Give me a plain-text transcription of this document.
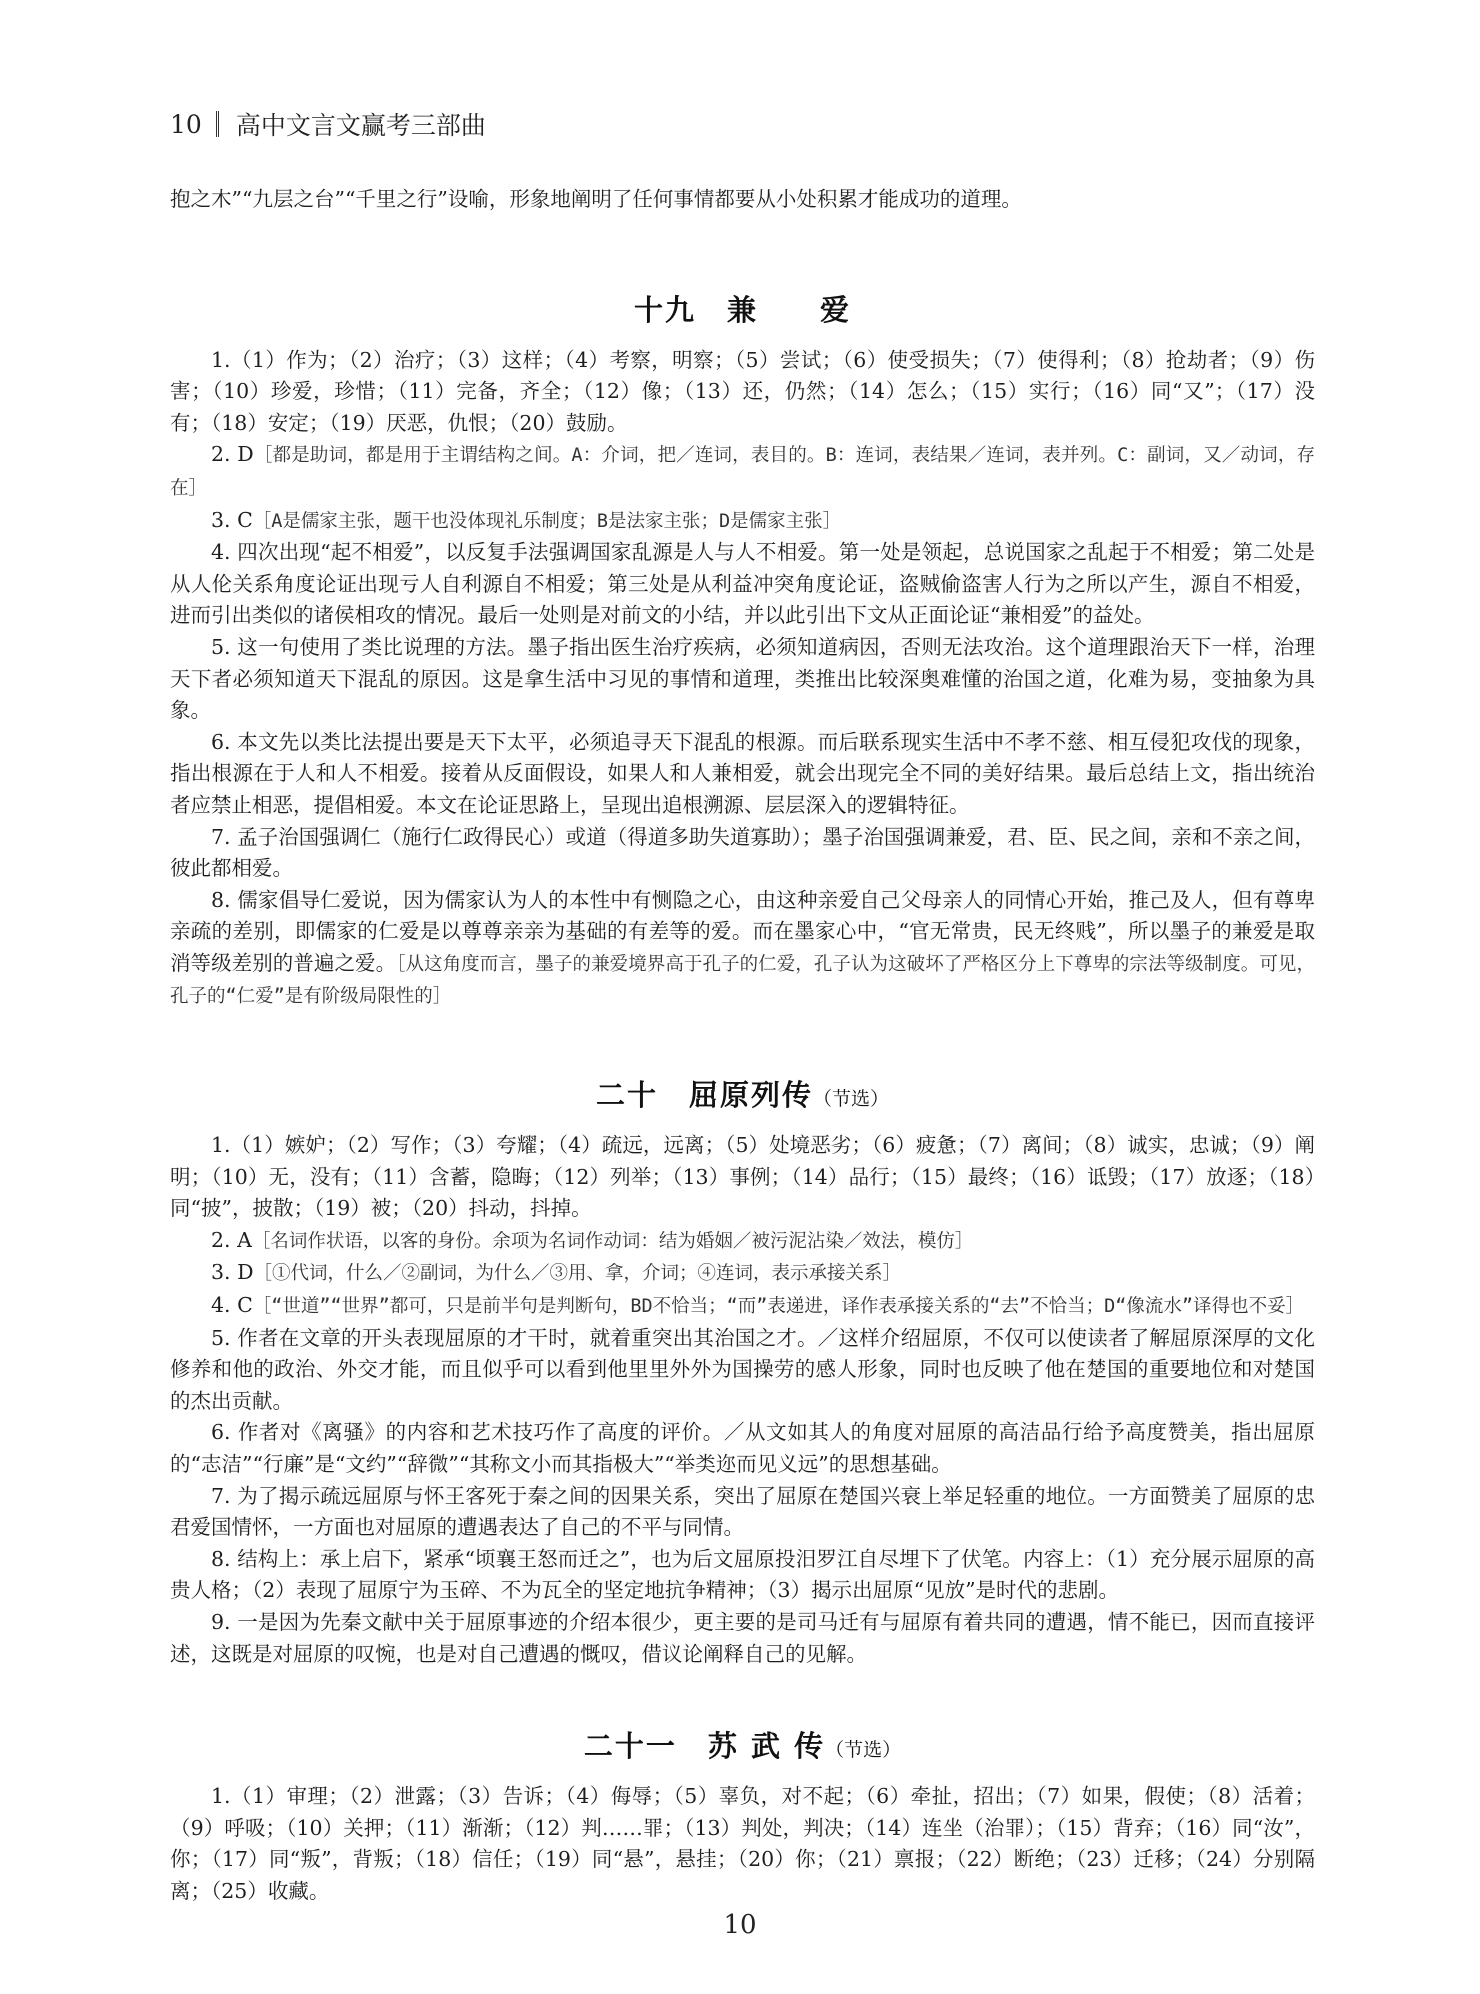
10 高中文言文赢考三部曲

抱之木”“九层之台”“千里之行”设喻，形象地阐明了任何事情都要从小处积累才能成功的道理。

十九　兼　　爱

1.（1）作为；（2）治疗；（3）这样；（4）考察，明察；（5）尝试；（6）使受损失；（7）使得利；（8）抢劫者；（9）伤害；（10）珍爱，珍惜；（11）完备，齐全；（12）像；（13）还，仍然；（14）怎么；（15）实行；（16）同“又”；（17）没有；（18）安定；（19）厌恶，仇恨；（20）鼓励。

2. D［都是助词，都是用于主谓结构之间。A：介词，把／连词，表目的。B：连词，表结果／连词，表并列。C：副词，又／动词，存在］

3. C［A是儒家主张，题干也没体现礼乐制度；B是法家主张；D是儒家主张］

4. 四次出现“起不相爱”，以反复手法强调国家乱源是人与人不相爱。第一处是领起，总说国家之乱起于不相爱；第二处是从人伦关系角度论证出现亏人自利源自不相爱；第三处是从利益冲突角度论证，盗贼偷盗害人行为之所以产生，源自不相爱，进而引出类似的诸侯相攻的情况。最后一处则是对前文的小结，并以此引出下文从正面论证“兼相爱”的益处。

5. 这一句使用了类比说理的方法。墨子指出医生治疗疾病，必须知道病因，否则无法攻治。这个道理跟治天下一样，治理天下者必须知道天下混乱的原因。这是拿生活中习见的事情和道理，类推出比较深奥难懂的治国之道，化难为易，变抽象为具象。

6. 本文先以类比法提出要是天下太平，必须追寻天下混乱的根源。而后联系现实生活中不孝不慈、相互侵犯攻伐的现象，指出根源在于人和人不相爱。接着从反面假设，如果人和人兼相爱，就会出现完全不同的美好结果。最后总结上文，指出统治者应禁止相恶，提倡相爱。本文在论证思路上，呈现出追根溯源、层层深入的逻辑特征。

7. 孟子治国强调仁（施行仁政得民心）或道（得道多助失道寡助）；墨子治国强调兼爱，君、臣、民之间，亲和不亲之间，彼此都相爱。

8. 儒家倡导仁爱说，因为儒家认为人的本性中有恻隐之心，由这种亲爱自己父母亲人的同情心开始，推己及人，但有尊卑亲疏的差别，即儒家的仁爱是以尊尊亲亲为基础的有差等的爱。而在墨家心中，“官无常贵，民无终贱”，所以墨子的兼爱是取消等级差别的普遍之爱。［从这角度而言，墨子的兼爱境界高于孔子的仁爱，孔子认为这破坏了严格区分上下尊卑的宗法等级制度。可见，孔子的“仁爱”是有阶级局限性的］

二十　屈原列传（节选）

1.（1）嫉妒；（2）写作；（3）夸耀；（4）疏远，远离；（5）处境恶劣；（6）疲惫；（7）离间；（8）诚实，忠诚；（9）阐明；（10）无，没有；（11）含蓄，隐晦；（12）列举；（13）事例；（14）品行；（15）最终；（16）诋毁；（17）放逐；（18）同“披”，披散；（19）被；（20）抖动，抖掉。

2. A［名词作状语，以客的身份。余项为名词作动词：结为婚姻／被污泥沾染／效法，模仿］

3. D［①代词，什么／②副词，为什么／③用、拿，介词；④连词，表示承接关系］

4. C［“世道”“世界”都可，只是前半句是判断句，BD不恰当；“而”表递进，译作表承接关系的“去”不恰当；D“像流水”译得也不妥］

5. 作者在文章的开头表现屈原的才干时，就着重突出其治国之才。／这样介绍屈原，不仅可以使读者了解屈原深厚的文化修养和他的政治、外交才能，而且似乎可以看到他里里外外为国操劳的感人形象，同时也反映了他在楚国的重要地位和对楚国的杰出贡献。

6. 作者对《离骚》的内容和艺术技巧作了高度的评价。／从文如其人的角度对屈原的高洁品行给予高度赞美，指出屈原的“志洁”“行廉”是“文约”“辞微”“其称文小而其指极大”“举类迩而见义远”的思想基础。

7. 为了揭示疏远屈原与怀王客死于秦之间的因果关系，突出了屈原在楚国兴衰上举足轻重的地位。一方面赞美了屈原的忠君爱国情怀，一方面也对屈原的遭遇表达了自己的不平与同情。

8. 结构上：承上启下，紧承“顷襄王怒而迁之”，也为后文屈原投汨罗江自尽埋下了伏笔。内容上：（1）充分展示屈原的高贵人格；（2）表现了屈原宁为玉碎、不为瓦全的坚定地抗争精神；（3）揭示出屈原“见放”是时代的悲剧。

9. 一是因为先秦文献中关于屈原事迹的介绍本很少，更主要的是司马迁有与屈原有着共同的遭遇，情不能已，因而直接评述，这既是对屈原的叹惋，也是对自己遭遇的慨叹，借议论阐释自己的见解。

二十一　苏 武 传（节选）

1.（1）审理；（2）泄露；（3）告诉；（4）侮辱；（5）辜负，对不起；（6）牵扯，招出；（7）如果，假使；（8）活着；（9）呼吸；（10）关押；（11）渐渐；（12）判……罪；（13）判处，判决；（14）连坐（治罪）；（15）背弃；（16）同“汝”，你；（17）同“叛”，背叛；（18）信任；（19）同“悬”，悬挂；（20）你；（21）禀报；（22）断绝；（23）迁移；（24）分别隔离；（25）收藏。

10
